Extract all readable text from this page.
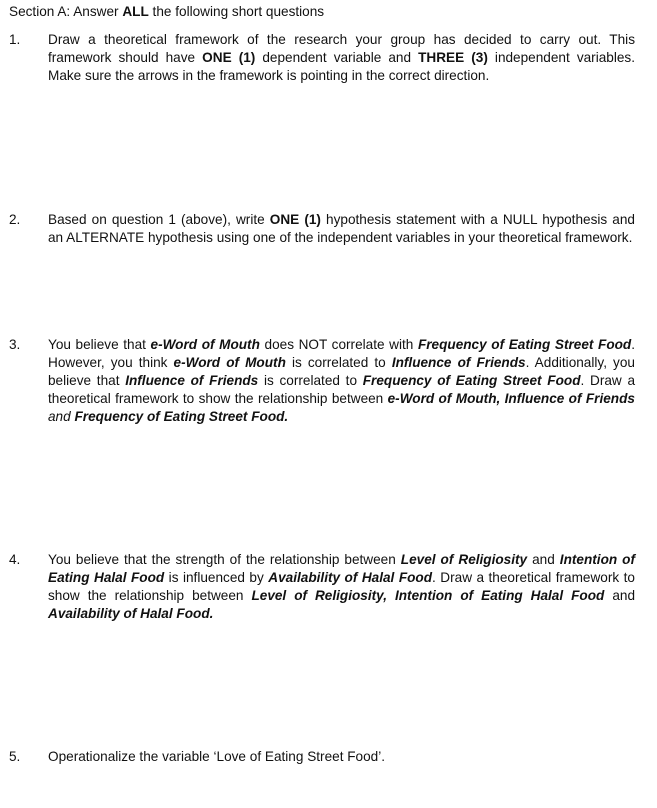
Section A: Answer ALL the following short questions
1. Draw a theoretical framework of the research your group has decided to carry out. This framework should have ONE (1) dependent variable and THREE (3) independent variables. Make sure the arrows in the framework is pointing in the correct direction.
2. Based on question 1 (above), write ONE (1) hypothesis statement with a NULL hypothesis and an ALTERNATE hypothesis using one of the independent variables in your theoretical framework.
3. You believe that e-Word of Mouth does NOT correlate with Frequency of Eating Street Food. However, you think e-Word of Mouth is correlated to Influence of Friends. Additionally, you believe that Influence of Friends is correlated to Frequency of Eating Street Food. Draw a theoretical framework to show the relationship between e-Word of Mouth, Influence of Friends and Frequency of Eating Street Food.
4. You believe that the strength of the relationship between Level of Religiosity and Intention of Eating Halal Food is influenced by Availability of Halal Food. Draw a theoretical framework to show the relationship between Level of Religiosity, Intention of Eating Halal Food and Availability of Halal Food.
5. Operationalize the variable ‘Love of Eating Street Food’.
